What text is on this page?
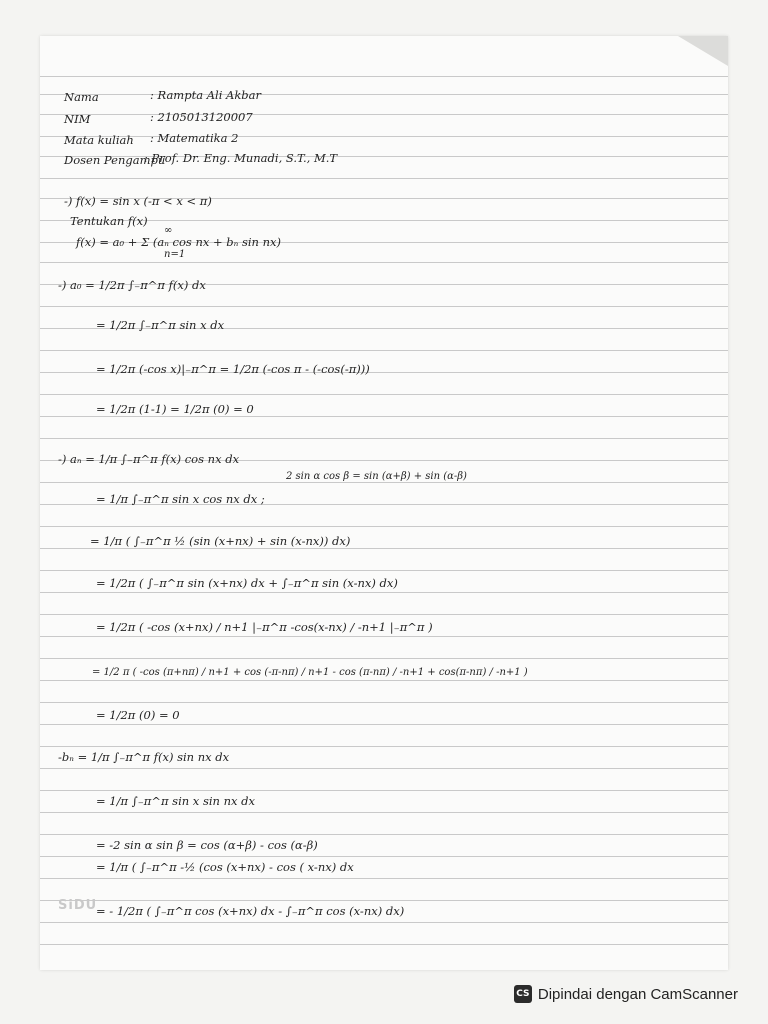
Nama	: Rampta Ali Akbar
NIM	: 2105013120007
Mata kuliah : Matematika 2
Dosen Pengampu
: Prof. Dr. Eng. Munadi, S.T., M.T
-) f(x) = sin x (-π < x < π)
Tentukan f(x)
f(x) = a₀ + Σ (aₙ cos nx + bₙ sin nx)
∞
n=1
-) a₀ = 1/2π ∫₋π^π f(x) dx
= 1/2π ∫₋π^π sin x dx
= 1/2π (-cos x)|₋π^π = 1/2π (-cos π - (-cos(-π)))
= 1/2π (1-1) = 1/2π (0) = 0
-) aₙ = 1/π ∫₋π^π f(x) cos nx dx
2 sin α cos β = sin (α+β) + sin (α-β)
= 1/π ∫₋π^π sin x cos nx dx ;
= 1/π ( ∫₋π^π ½ (sin (x+nx) + sin (x-nx)) dx)
= 1/2π ( ∫₋π^π sin (x+nx) dx + ∫₋π^π sin (x-nx) dx)
= 1/2π ( -cos (x+nx) / n+1 |₋π^π -cos(x-nx) / -n+1 |₋π^π )
= 1/2 π ( -cos (π+nπ) / n+1 + cos (-π-nπ) / n+1 - cos (π-nπ) / -n+1 + cos(π-nπ) / -n+1 )
= 1/2π (0) = 0
-bₙ = 1/π ∫₋π^π f(x) sin nx dx
= 1/π ∫₋π^π sin x sin nx dx
= -2 sin α sin β = cos (α+β) - cos (α-β)
= 1/π ( ∫₋π^π -½ (cos (x+nx) - cos ( x-nx) dx
= - 1/2π ( ∫₋π^π cos (x+nx) dx - ∫₋π^π cos (x-nx) dx)
SiDU
CS Dipindai dengan CamScanner
